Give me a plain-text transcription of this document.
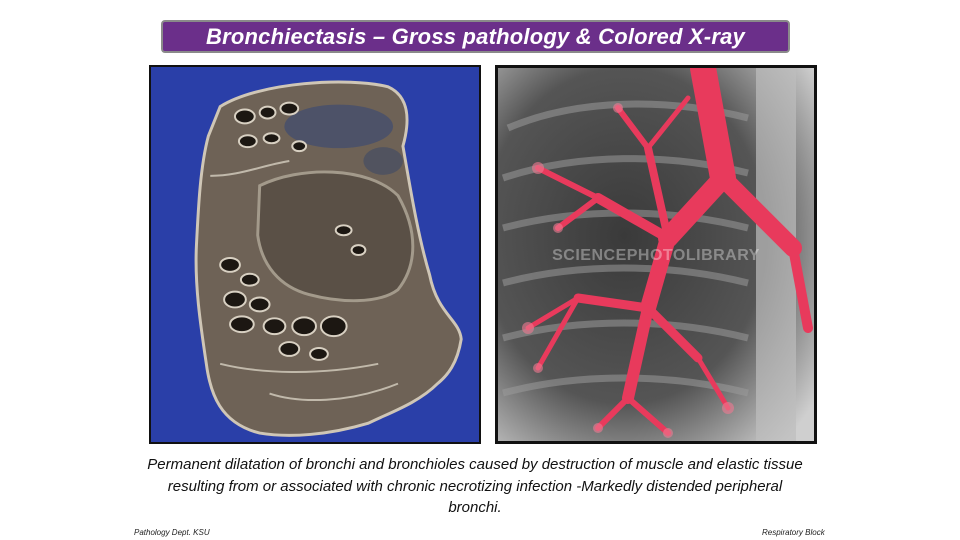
Bronchiectasis – Gross pathology & Colored X-ray
SCIENCEPHOTOLIBRARY
Permanent dilatation of bronchi and bronchioles caused by destruction of muscle and elastic tissue resulting from or associated with chronic necrotizing infection -Markedly distended peripheral bronchi.
Pathology Dept. KSU	Respiratory Block
